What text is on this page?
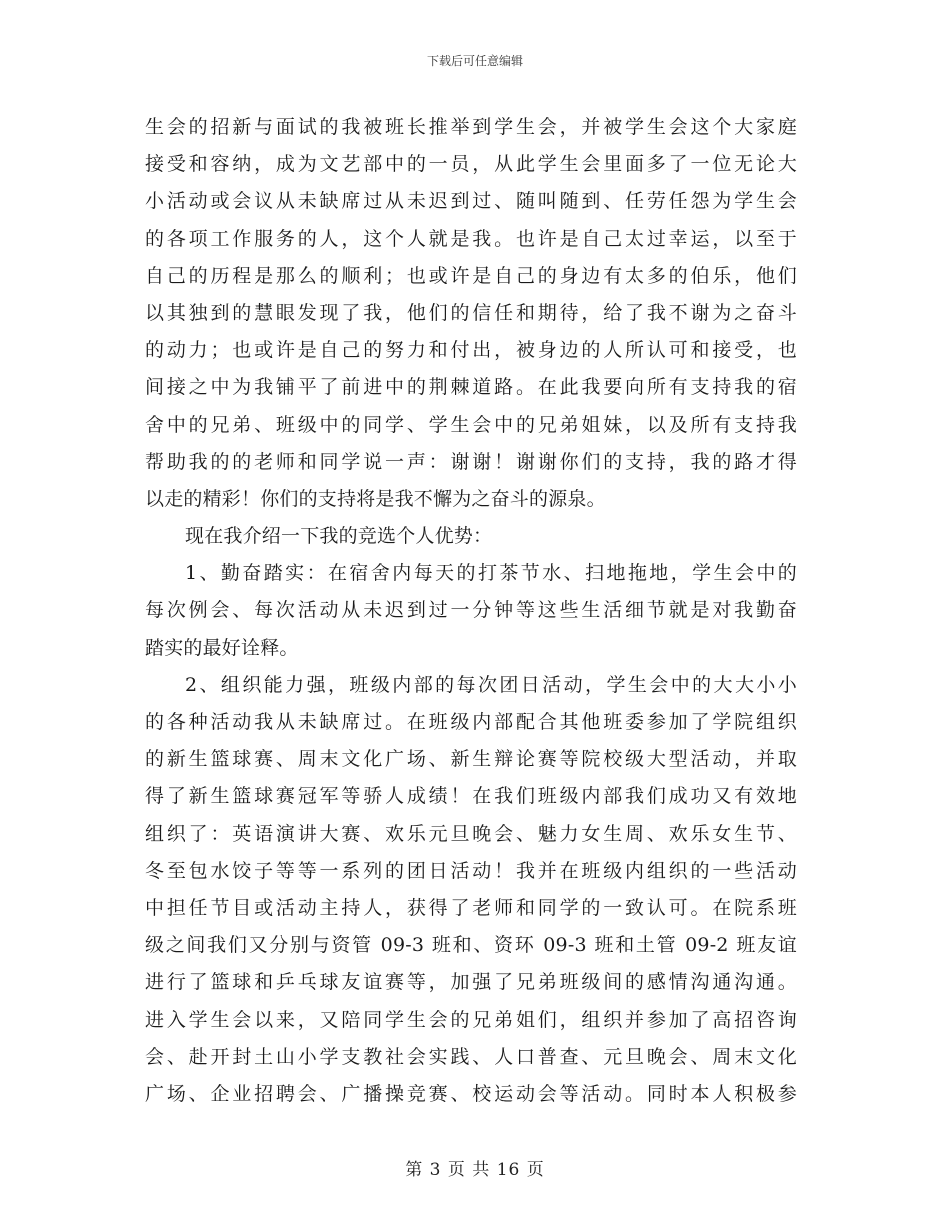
下载后可任意编辑
生会的招新与面试的我被班长推举到学生会，并被学生会这个大家庭
接受和容纳，成为文艺部中的一员，从此学生会里面多了一位无论大
小活动或会议从未缺席过从未迟到过、随叫随到、任劳任怨为学生会
的各项工作服务的人，这个人就是我。也许是自己太过幸运，以至于
自己的历程是那么的顺利；也或许是自己的身边有太多的伯乐，他们
以其独到的慧眼发现了我，他们的信任和期待，给了我不谢为之奋斗
的动力；也或许是自己的努力和付出，被身边的人所认可和接受，也
间接之中为我铺平了前进中的荆棘道路。在此我要向所有支持我的宿
舍中的兄弟、班级中的同学、学生会中的兄弟姐妹，以及所有支持我
帮助我的的老师和同学说一声：谢谢！谢谢你们的支持，我的路才得
以走的精彩！你们的支持将是我不懈为之奋斗的源泉。
现在我介绍一下我的竞选个人优势：
1、勤奋踏实：在宿舍内每天的打茶节水、扫地拖地，学生会中的
每次例会、每次活动从未迟到过一分钟等这些生活细节就是对我勤奋
踏实的最好诠释。
2、组织能力强，班级内部的每次团日活动，学生会中的大大小小
的各种活动我从未缺席过。在班级内部配合其他班委参加了学院组织
的新生篮球赛、周末文化广场、新生辩论赛等院校级大型活动，并取
得了新生篮球赛冠军等骄人成绩！在我们班级内部我们成功又有效地
组织了：英语演讲大赛、欢乐元旦晚会、魅力女生周、欢乐女生节、
冬至包水饺子等等一系列的团日活动！我并在班级内组织的一些活动
中担任节目或活动主持人，获得了老师和同学的一致认可。在院系班
级之间我们又分别与资管 09-3 班和、资环 09-3 班和土管 09-2 班友谊
进行了篮球和乒乓球友谊赛等，加强了兄弟班级间的感情沟通沟通。
进入学生会以来，又陪同学生会的兄弟姐们，组织并参加了高招咨询
会、赴开封土山小学支教社会实践、人口普查、元旦晚会、周末文化
广场、企业招聘会、广播操竞赛、校运动会等活动。同时本人积极参
第 3 页 共 16 页
